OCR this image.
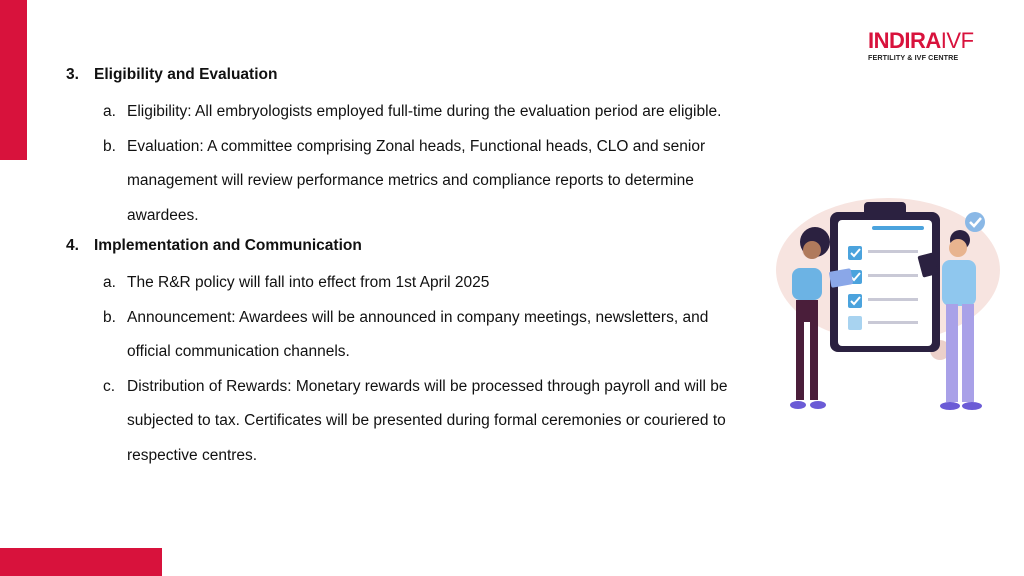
INDIRAIVF
FERTILITY & IVF CENTRE
3. Eligibility and Evaluation
a. Eligibility: All embryologists employed full-time during the evaluation period are eligible.
b. Evaluation: A committee comprising Zonal heads, Functional heads, CLO and senior management will review performance metrics and compliance reports to determine awardees.
4. Implementation and Communication
a. The R&R policy will fall into effect from 1st April 2025
b. Announcement: Awardees will be announced in company meetings, newsletters, and official communication channels.
c. Distribution of Rewards: Monetary rewards will be processed through payroll and will be subjected to tax. Certificates will be presented during formal ceremonies or couriered to respective centres.
